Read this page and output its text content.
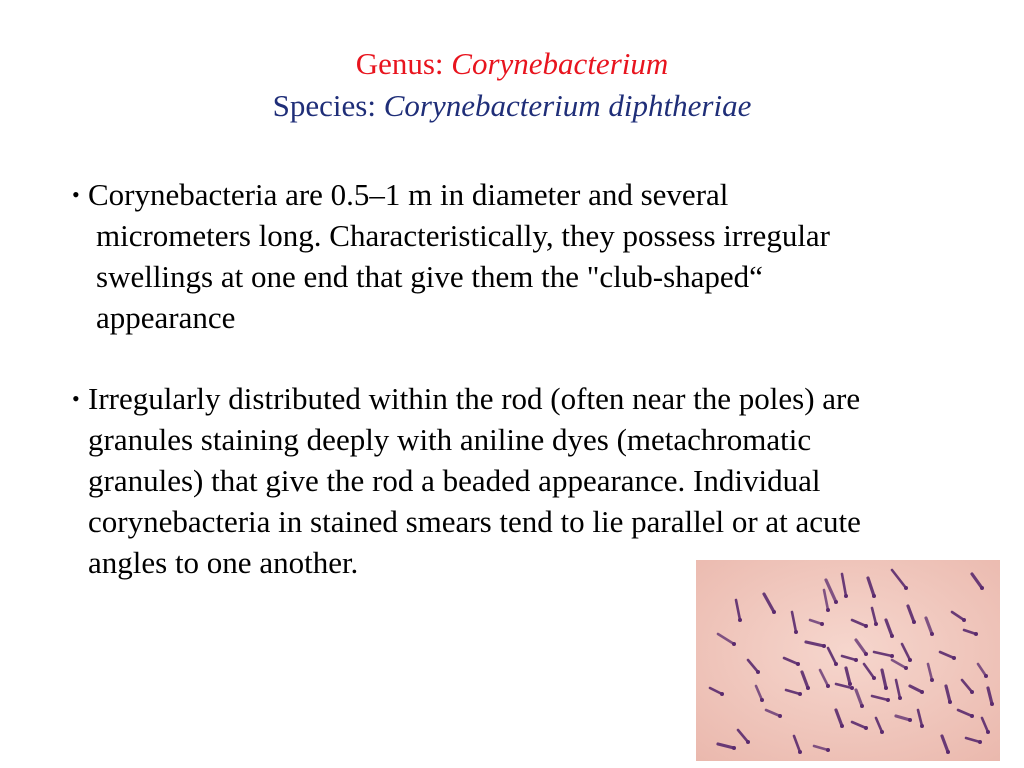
Genus: Corynebacterium
Species: Corynebacterium diphtheriae
• Corynebacteria are 0.5–1 m in diameter and several
micrometers long. Characteristically, they possess irregular
swellings at one end that give them the "club-shaped“
appearance
• Irregularly distributed within the rod (often near the poles) are
granules staining deeply with aniline dyes (metachromatic
granules) that give the rod a beaded appearance. Individual
corynebacteria in stained smears tend to lie parallel or at acute
angles to one another.
